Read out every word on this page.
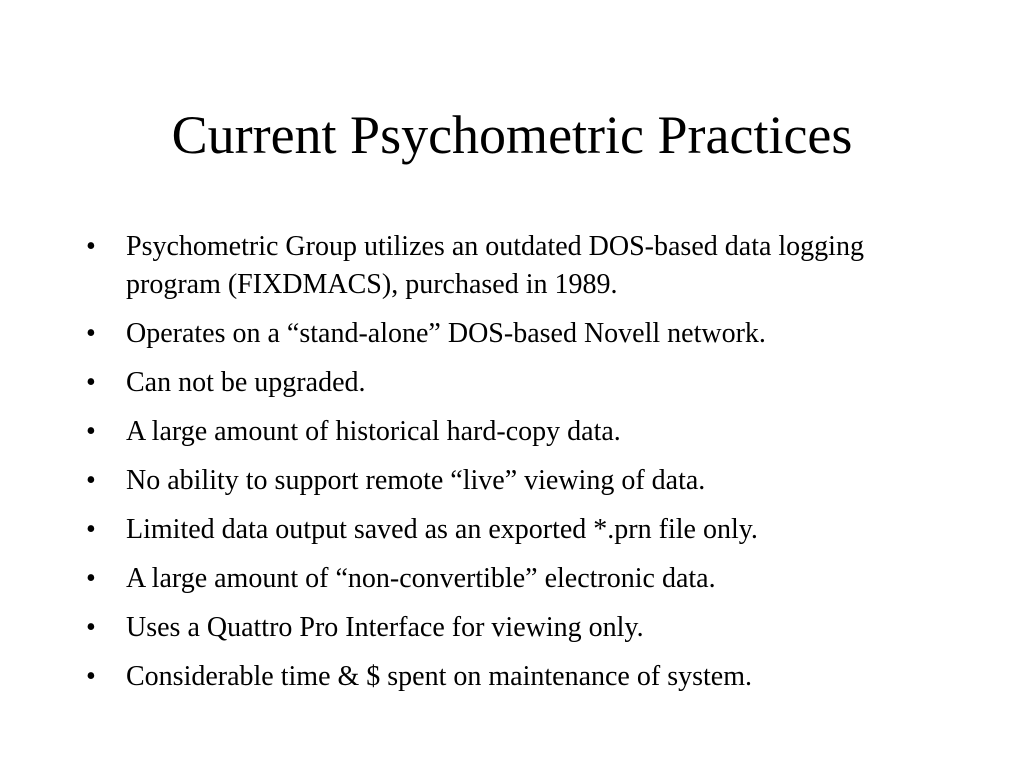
Current Psychometric Practices
•	Psychometric Group utilizes an outdated DOS-based data logging program (FIXDMACS), purchased in 1989.
•	Operates on a “stand-alone” DOS-based Novell network.
•	Can not be upgraded.
•	A large amount of historical hard-copy data.
•	No ability to support remote “live” viewing of data.
•	Limited data output saved as an exported *.prn file only.
•	A large amount of “non-convertible” electronic data.
•	Uses a Quattro Pro Interface for viewing only.
•	Considerable time & $ spent on maintenance of system.
